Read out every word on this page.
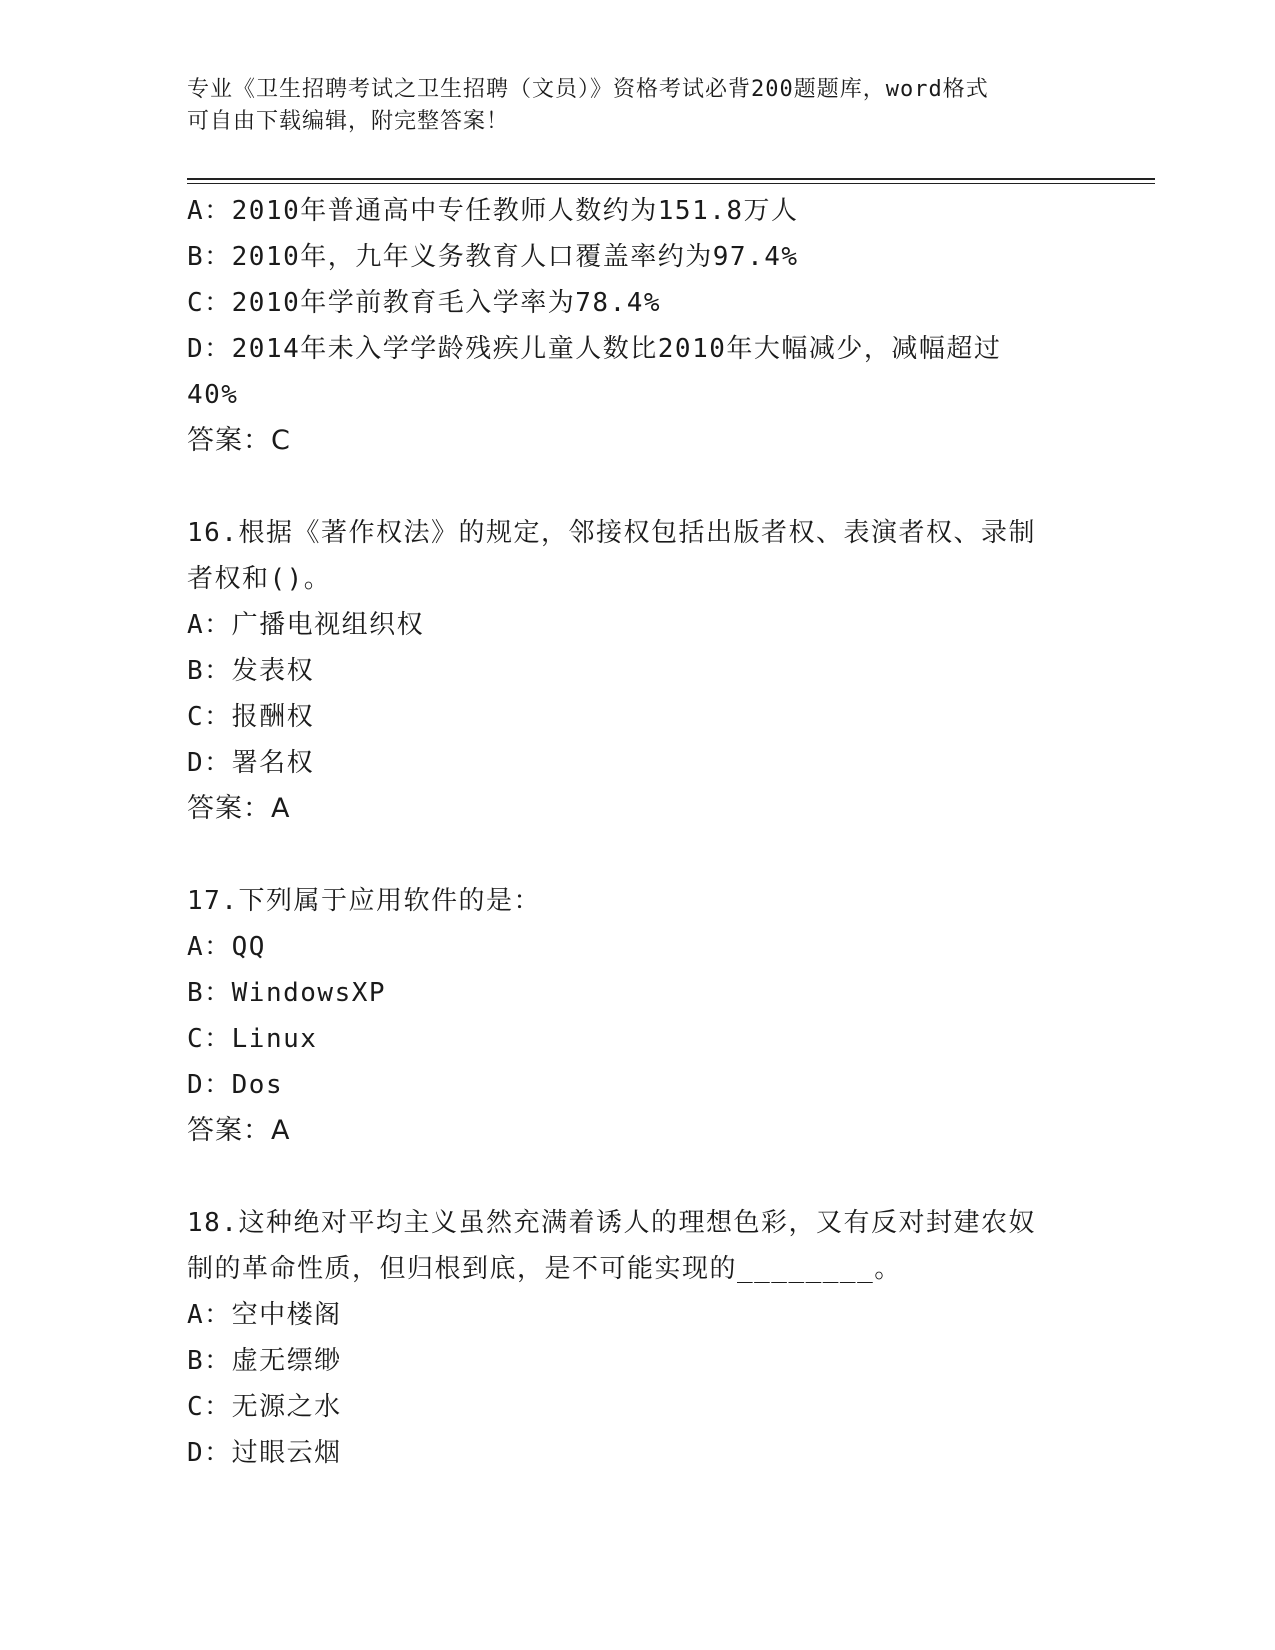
专业《卫生招聘考试之卫生招聘（文员）》资格考试必背200题题库，word格式
可自由下载编辑，附完整答案！

A：2010年普通高中专任教师人数约为151.8万人

B：2010年，九年义务教育人口覆盖率约为97.4%

C：2010年学前教育毛入学率为78.4%

D：2014年未入学学龄残疾儿童人数比2010年大幅减少，减幅超过

40%

答案：C

16.根据《著作权法》的规定，邻接权包括出版者权、表演者权、录制

者权和()。

A：广播电视组织权

B：发表权

C：报酬权

D：署名权

答案：A

17.下列属于应用软件的是：

A：QQ

B：WindowsXP

C：Linux

D：Dos

答案：A

18.这种绝对平均主义虽然充满着诱人的理想色彩，又有反对封建农奴

制的革命性质，但归根到底，是不可能实现的________。

A：空中楼阁

B：虚无缥缈

C：无源之水

D：过眼云烟
